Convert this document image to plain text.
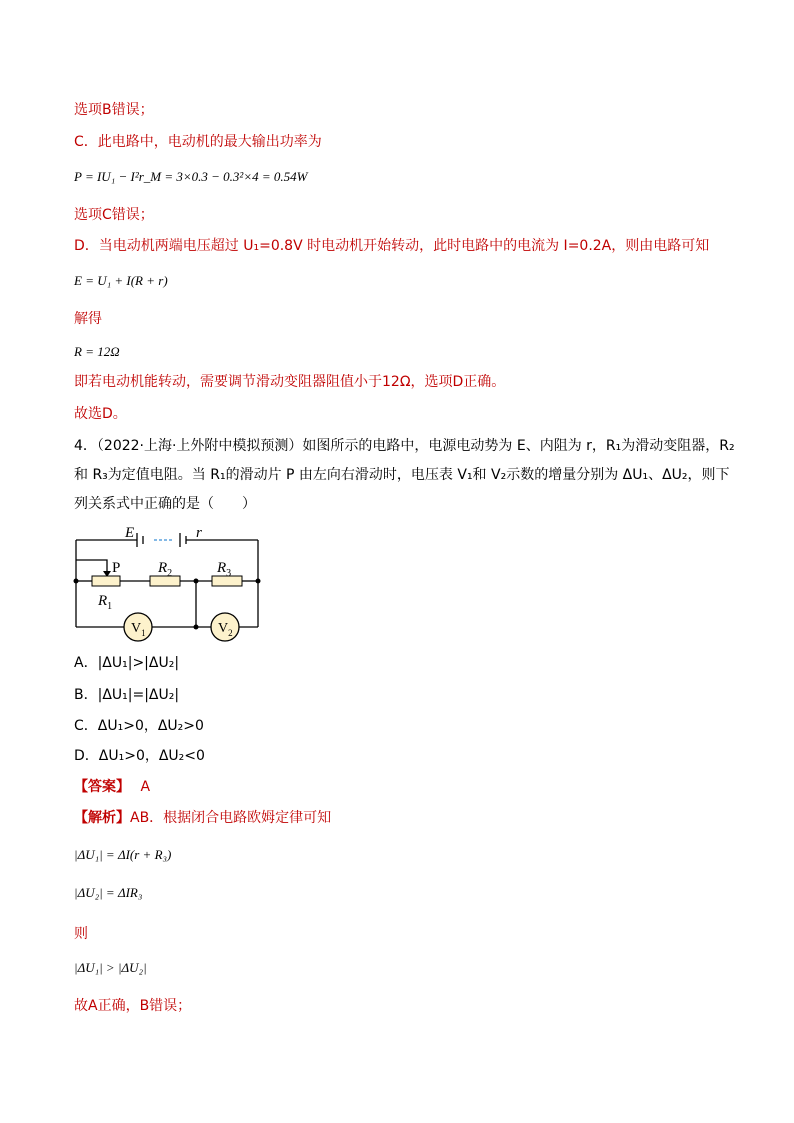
选项B错误；
C．此电路中，电动机的最大输出功率为
P = IU₁ − I²r_M = 3×0.3 − 0.3²×4 = 0.54W
选项C错误；
D．当电动机两端电压超过 U₁=0.8V 时电动机开始转动，此时电路中的电流为 I=0.2A，则由电路可知
E = U₁ + I(R + r)
解得
R = 12Ω
即若电动机能转动，需要调节滑动变阻器阻值小于12Ω，选项D正确。
故选D。
4．（2022·上海·上外附中模拟预测）如图所示的电路中，电源电动势为 E、内阻为 r，R₁为滑动变阻器，R₂
和 R₃为定值电阻。当 R₁的滑动片 P 由左向右滑动时，电压表 V₁和 V₂示数的增量分别为 ΔU₁、ΔU₂，则下
列关系式中正确的是（　　）
E	r
$R_2$	$R_3$
$R_1$
P
$V_1$	$V_2$
A．|ΔU₁|>|ΔU₂|
B．|ΔU₁|=|ΔU₂|
C．ΔU₁>0，ΔU₂>0
D．ΔU₁>0，ΔU₂<0
【答案】 A
【解析】AB．根据闭合电路欧姆定律可知
|ΔU₁| = ΔI(r + R₃)
|ΔU₂| = ΔIR₃
则
|ΔU₁| > |ΔU₂|
故A正确，B错误；
